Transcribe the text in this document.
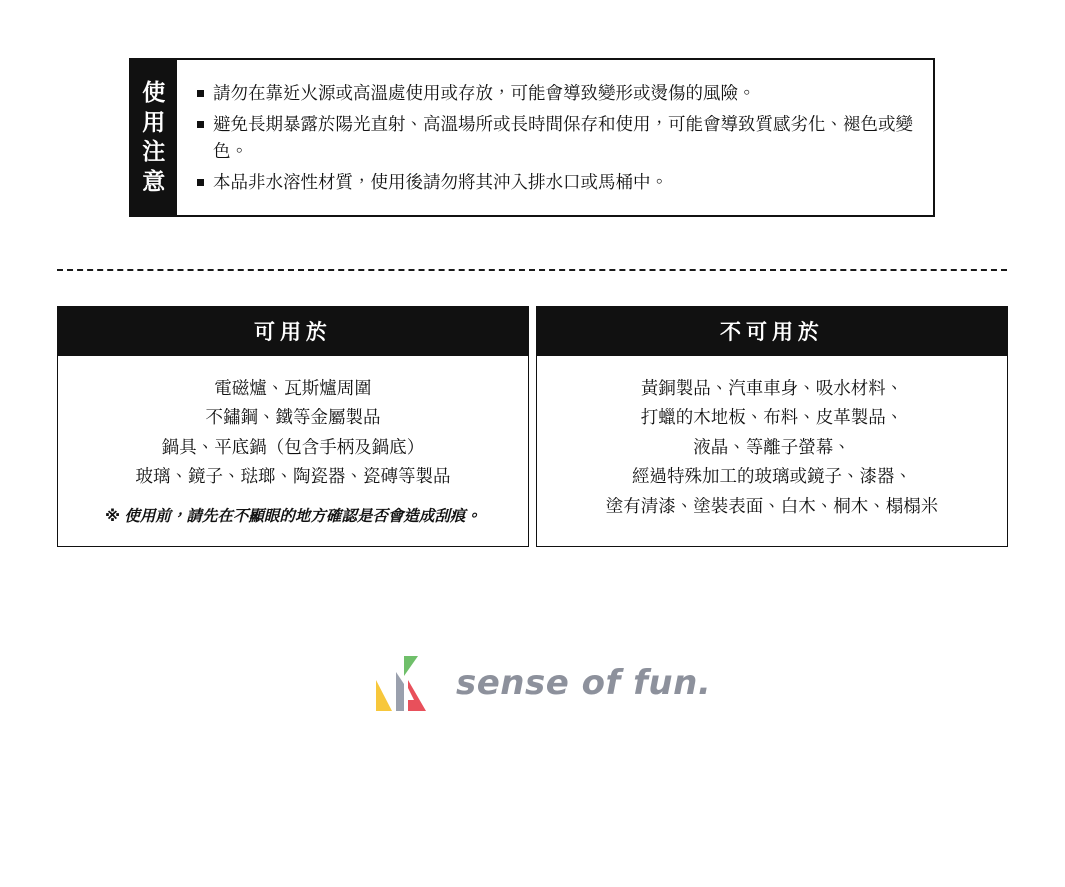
使
用
注
意
請勿在靠近火源或高溫處使用或存放，可能會導致變形或燙傷的風險。
避免長期暴露於陽光直射、高溫場所或長時間保存和使用，可能會導致質感劣化、褪色或變色。
本品非水溶性材質，使用後請勿將其沖入排水口或馬桶中。
可用於
電磁爐、瓦斯爐周圍
不鏽鋼、鐵等金屬製品
鍋具、平底鍋（包含手柄及鍋底）
玻璃、鏡子、琺瑯、陶瓷器、瓷磚等製品
※ 使用前，請先在不顯眼的地方確認是否會造成刮痕。
不可用於
黃銅製品、汽車車身、吸水材料、
打蠟的木地板、布料、皮革製品、
液晶、等離子螢幕、
經過特殊加工的玻璃或鏡子、漆器、
塗有清漆、塗裝表面、白木、桐木、榻榻米
sense of fun.
